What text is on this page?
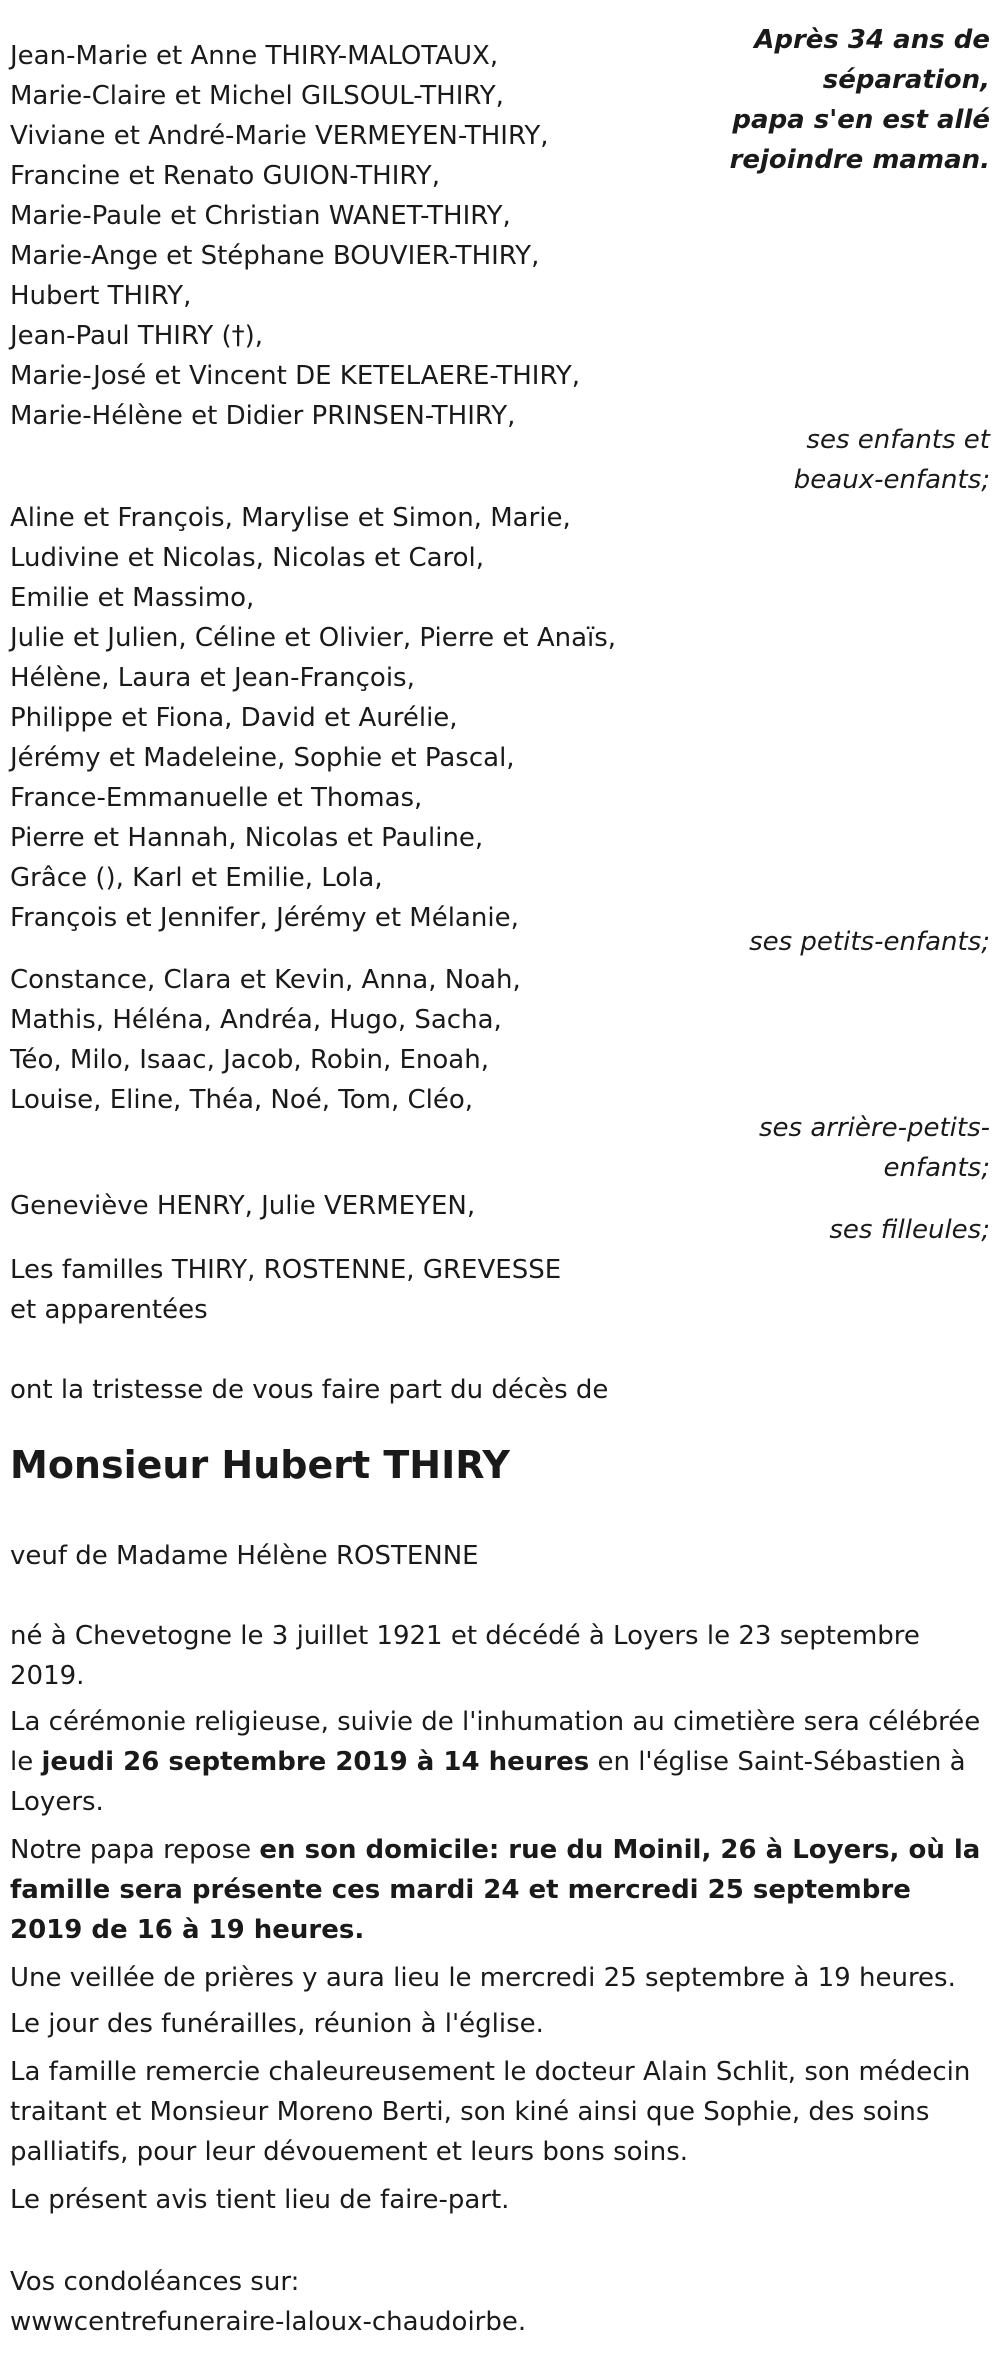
Après 34 ans de
séparation,
papa s'en est allé
rejoindre maman.
Jean-Marie et Anne THIRY-MALOTAUX,
Marie-Claire et Michel GILSOUL-THIRY,
Viviane et André-Marie VERMEYEN-THIRY,
Francine et Renato GUION-THIRY,
Marie-Paule et Christian WANET-THIRY,
Marie-Ange et Stéphane BOUVIER-THIRY,
Hubert THIRY,
Jean-Paul THIRY (†),
Marie-José et Vincent DE KETELAERE-THIRY,
Marie-Hélène et Didier PRINSEN-THIRY,
ses enfants et
beaux-enfants;
Aline et François, Marylise et Simon, Marie,
Ludivine et Nicolas, Nicolas et Carol,
Emilie et Massimo,
Julie et Julien, Céline et Olivier, Pierre et Anaïs,
Hélène, Laura et Jean-François,
Philippe et Fiona, David et Aurélie,
Jérémy et Madeleine, Sophie et Pascal,
France-Emmanuelle et Thomas,
Pierre et Hannah, Nicolas et Pauline,
Grâce (), Karl et Emilie, Lola,
François et Jennifer, Jérémy et Mélanie,
ses petits-enfants;
Constance, Clara et Kevin, Anna, Noah,
Mathis, Héléna, Andréa, Hugo, Sacha,
Téo, Milo, Isaac, Jacob, Robin, Enoah,
Louise, Eline, Théa, Noé, Tom, Cléo,
ses arrière-petits-
enfants;
Geneviève HENRY, Julie VERMEYEN,
ses filleules;
Les familles THIRY, ROSTENNE, GREVESSE
et apparentées
ont la tristesse de vous faire part du décès de
Monsieur Hubert THIRY
veuf de Madame Hélène ROSTENNE
né à Chevetogne le 3 juillet 1921 et décédé à Loyers le 23 septembre 2019.
La cérémonie religieuse, suivie de l'inhumation au cimetière sera célébrée le jeudi 26 septembre 2019 à 14 heures en l'église Saint-Sébastien à Loyers.
Notre papa repose en son domicile: rue du Moinil, 26 à Loyers, où la famille sera présente ces mardi 24 et mercredi 25 septembre 2019 de 16 à 19 heures.
Une veillée de prières y aura lieu le mercredi 25 septembre à 19 heures.
Le jour des funérailles, réunion à l'église.
La famille remercie chaleureusement le docteur Alain Schlit, son médecin traitant et Monsieur Moreno Berti, son kiné ainsi que Sophie, des soins palliatifs, pour leur dévouement et leurs bons soins.
Le présent avis tient lieu de faire-part.
Vos condoléances sur:
wwwcentrefuneraire-laloux-chaudoirbe.
